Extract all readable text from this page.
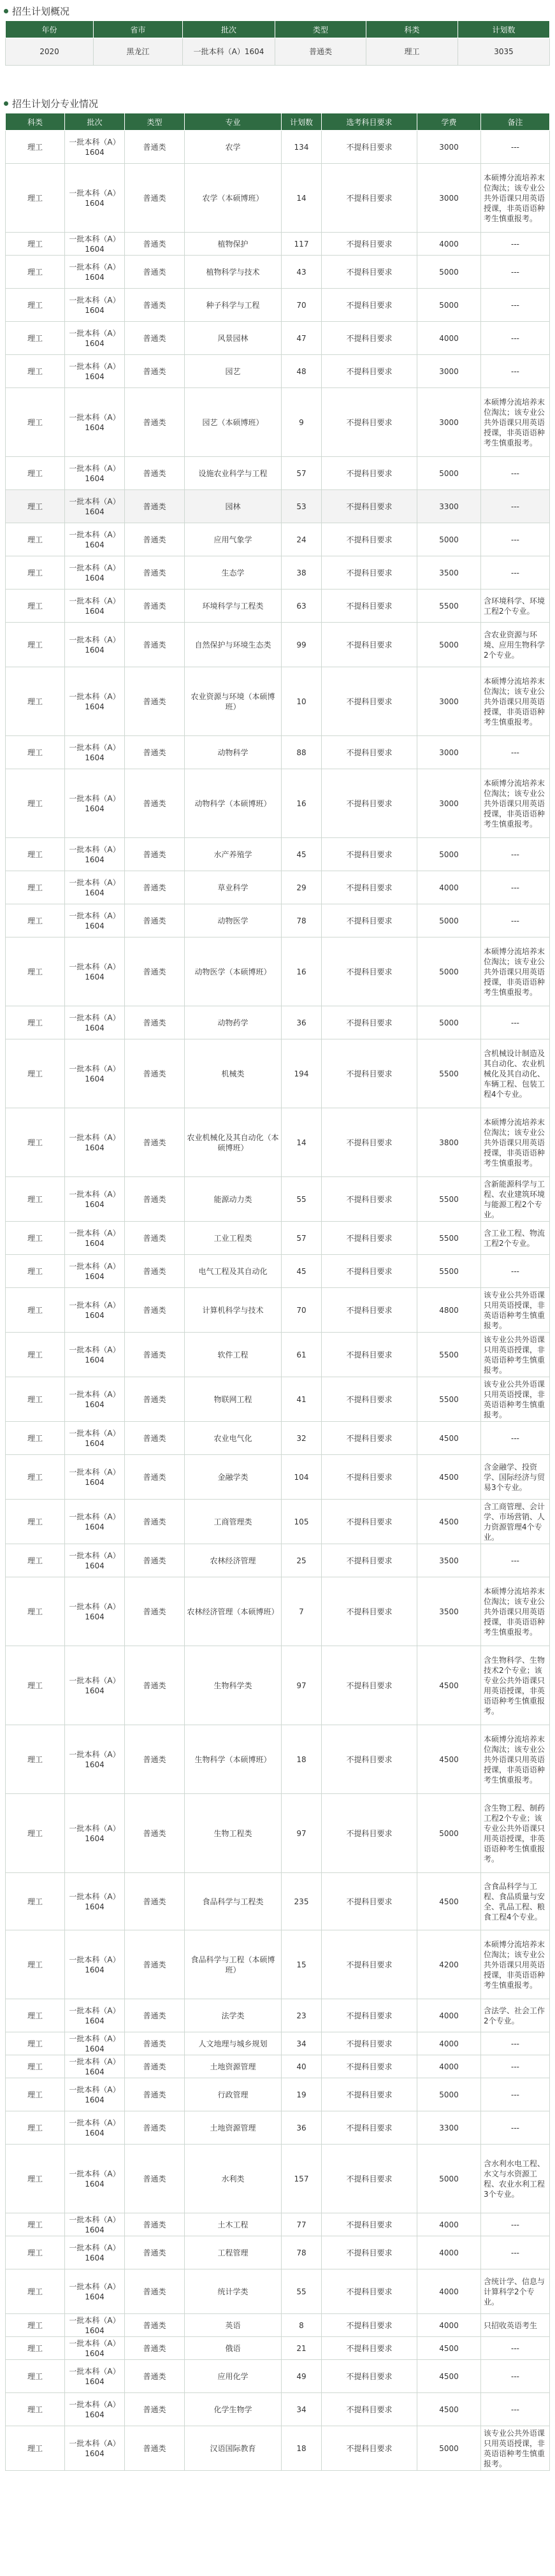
招生计划概况
年份	省市	批次	类型	科类	计划数
2020	黑龙江	一批本科（A）1604	普通类	理工	3035
招生计划分专业情况
科类	批次	类型	专业	计划数	选考科目要求	学费	备注
理工	一批本科（A）1604	普通类	农学	134	不提科目要求	3000	---
理工	一批本科（A）1604	普通类	农学（本硕博班）	14	不提科目要求	3000	本硕博分流培养末位淘汰；该专业公共外语课只用英语授课，非英语语种考生慎重报考。
理工	一批本科（A）1604	普通类	植物保护	117	不提科目要求	4000	---
理工	一批本科（A）1604	普通类	植物科学与技术	43	不提科目要求	5000	---
理工	一批本科（A）1604	普通类	种子科学与工程	70	不提科目要求	5000	---
理工	一批本科（A）1604	普通类	风景园林	47	不提科目要求	4000	---
理工	一批本科（A）1604	普通类	园艺	48	不提科目要求	3000	---
理工	一批本科（A）1604	普通类	园艺（本硕博班）	9	不提科目要求	3000	本硕博分流培养末位淘汰；该专业公共外语课只用英语授课，非英语语种考生慎重报考。
理工	一批本科（A）1604	普通类	设施农业科学与工程	57	不提科目要求	5000	---
理工	一批本科（A）1604	普通类	园林	53	不提科目要求	3300	---
理工	一批本科（A）1604	普通类	应用气象学	24	不提科目要求	5000	---
理工	一批本科（A）1604	普通类	生态学	38	不提科目要求	3500	---
理工	一批本科（A）1604	普通类	环境科学与工程类	63	不提科目要求	5500	含环境科学、环境工程2个专业。
理工	一批本科（A）1604	普通类	自然保护与环境生态类	99	不提科目要求	5000	含农业资源与环境、应用生物科学2个专业。
理工	一批本科（A）1604	普通类	农业资源与环境（本硕博班）	10	不提科目要求	3000	本硕博分流培养末位淘汰；该专业公共外语课只用英语授课，非英语语种考生慎重报考。
理工	一批本科（A）1604	普通类	动物科学	88	不提科目要求	3000	---
理工	一批本科（A）1604	普通类	动物科学（本硕博班）	16	不提科目要求	3000	本硕博分流培养末位淘汰；该专业公共外语课只用英语授课，非英语语种考生慎重报考。
理工	一批本科（A）1604	普通类	水产养殖学	45	不提科目要求	5000	---
理工	一批本科（A）1604	普通类	草业科学	29	不提科目要求	4000	---
理工	一批本科（A）1604	普通类	动物医学	78	不提科目要求	5000	---
理工	一批本科（A）1604	普通类	动物医学（本硕博班）	16	不提科目要求	5000	本硕博分流培养末位淘汰；该专业公共外语课只用英语授课，非英语语种考生慎重报考。
理工	一批本科（A）1604	普通类	动物药学	36	不提科目要求	5000	---
理工	一批本科（A）1604	普通类	机械类	194	不提科目要求	5500	含机械设计制造及其自动化、农业机械化及其自动化、车辆工程、包装工程4个专业。
理工	一批本科（A）1604	普通类	农业机械化及其自动化（本硕博班）	14	不提科目要求	3800	本硕博分流培养末位淘汰；该专业公共外语课只用英语授课，非英语语种考生慎重报考。
理工	一批本科（A）1604	普通类	能源动力类	55	不提科目要求	5500	含新能源科学与工程、农业建筑环境与能源工程2个专业。
理工	一批本科（A）1604	普通类	工业工程类	57	不提科目要求	5500	含工业工程、物流工程2个专业。
理工	一批本科（A）1604	普通类	电气工程及其自动化	45	不提科目要求	5500	---
理工	一批本科（A）1604	普通类	计算机科学与技术	70	不提科目要求	4800	该专业公共外语课只用英语授课，非英语语种考生慎重报考。
理工	一批本科（A）1604	普通类	软件工程	61	不提科目要求	5500	该专业公共外语课只用英语授课，非英语语种考生慎重报考。
理工	一批本科（A）1604	普通类	物联网工程	41	不提科目要求	5500	该专业公共外语课只用英语授课，非英语语种考生慎重报考。
理工	一批本科（A）1604	普通类	农业电气化	32	不提科目要求	4500	---
理工	一批本科（A）1604	普通类	金融学类	104	不提科目要求	4500	含金融学、投资学、国际经济与贸易3个专业。
理工	一批本科（A）1604	普通类	工商管理类	105	不提科目要求	4500	含工商管理、会计学、市场营销、人力资源管理4个专业。
理工	一批本科（A）1604	普通类	农林经济管理	25	不提科目要求	3500	---
理工	一批本科（A）1604	普通类	农林经济管理（本硕博班）	7	不提科目要求	3500	本硕博分流培养末位淘汰；该专业公共外语课只用英语授课，非英语语种考生慎重报考。
理工	一批本科（A）1604	普通类	生物科学类	97	不提科目要求	4500	含生物科学、生物技术2个专业；该专业公共外语课只用英语授课，非英语语种考生慎重报考。
理工	一批本科（A）1604	普通类	生物科学（本硕博班）	18	不提科目要求	4500	本硕博分流培养末位淘汰；该专业公共外语课只用英语授课，非英语语种考生慎重报考。
理工	一批本科（A）1604	普通类	生物工程类	97	不提科目要求	5000	含生物工程、制药工程2个专业；该专业公共外语课只用英语授课，非英语语种考生慎重报考。
理工	一批本科（A）1604	普通类	食品科学与工程类	235	不提科目要求	4500	含食品科学与工程、食品质量与安全、乳品工程、粮食工程4个专业。
理工	一批本科（A）1604	普通类	食品科学与工程（本硕博班）	15	不提科目要求	4200	本硕博分流培养末位淘汰；该专业公共外语课只用英语授课，非英语语种考生慎重报考。
理工	一批本科（A）1604	普通类	法学类	23	不提科目要求	4000	含法学、社会工作2个专业。
理工	一批本科（A）1604	普通类	人文地理与城乡规划	34	不提科目要求	4000	---
理工	一批本科（A）1604	普通类	土地资源管理	40	不提科目要求	4000	---
理工	一批本科（A）1604	普通类	行政管理	19	不提科目要求	5000	---
理工	一批本科（A）1604	普通类	土地资源管理	36	不提科目要求	3300	---
理工	一批本科（A）1604	普通类	水利类	157	不提科目要求	5000	含水利水电工程、水文与水资源工程、农业水利工程3个专业。
理工	一批本科（A）1604	普通类	土木工程	77	不提科目要求	4000	---
理工	一批本科（A）1604	普通类	工程管理	78	不提科目要求	4000	---
理工	一批本科（A）1604	普通类	统计学类	55	不提科目要求	4000	含统计学、信息与计算科学2个专业。
理工	一批本科（A）1604	普通类	英语	8	不提科目要求	4000	只招收英语考生
理工	一批本科（A）1604	普通类	俄语	21	不提科目要求	4500	---
理工	一批本科（A）1604	普通类	应用化学	49	不提科目要求	4500	---
理工	一批本科（A）1604	普通类	化学生物学	34	不提科目要求	4500	---
理工	一批本科（A）1604	普通类	汉语国际教育	18	不提科目要求	5000	该专业公共外语课只用英语授课，非英语语种考生慎重报考。
